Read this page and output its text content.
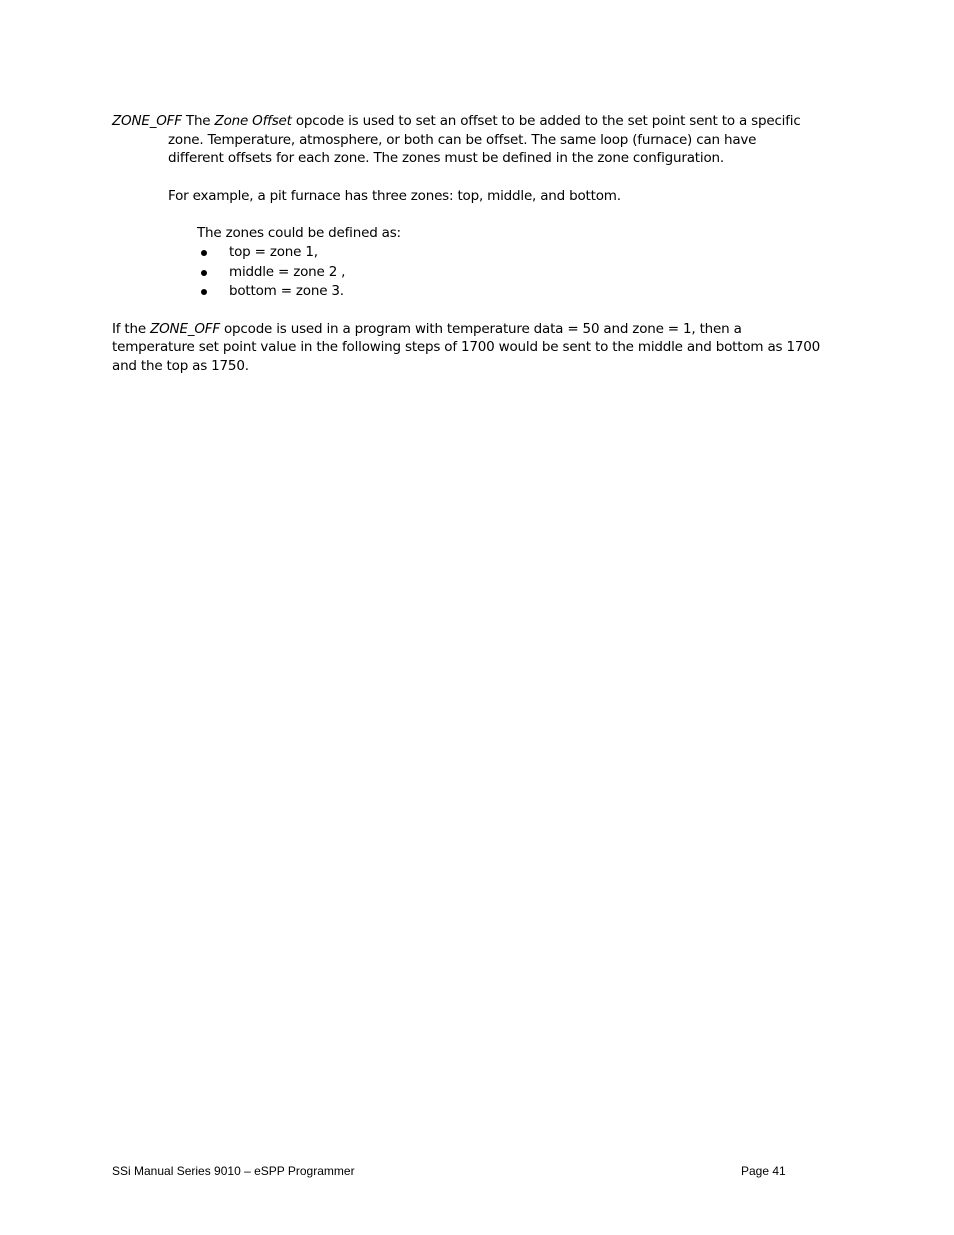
ZONE_OFF The Zone Offset opcode is used to set an offset to be added to the set point sent to a specific
zone. Temperature, atmosphere, or both can be offset. The same loop (furnace) can have
different offsets for each zone. The zones must be defined in the zone configuration.
For example, a pit furnace has three zones: top, middle, and bottom.
The zones could be defined as:
top = zone 1,
middle = zone 2 ,
bottom = zone 3.
If the ZONE_OFF opcode is used in a program with temperature data = 50 and zone = 1, then a
temperature set point value in the following steps of 1700 would be sent to the middle and bottom as 1700
and the top as 1750.
SSi Manual Series 9010 – eSPP Programmer	Page 41
